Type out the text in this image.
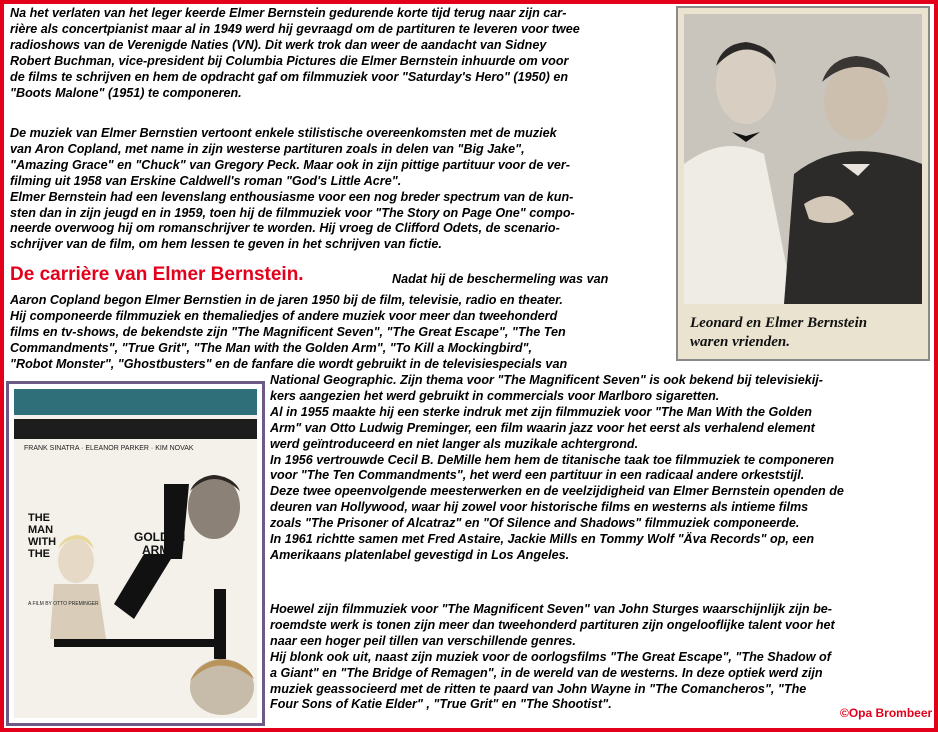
Na het verlaten van het leger keerde Elmer Bernstein gedurende korte tijd terug naar zijn car-
rière als concertpianist maar al in 1949 werd hij gevraagd om de partituren te leveren voor twee
radioshows van de Verenigde Naties (VN). Dit werk trok dan weer de aandacht van Sidney
Robert Buchman, vice-president bij Columbia Pictures die Elmer Bernstein inhuurde om voor
de films te schrijven en hem de opdracht gaf om filmmuziek voor "Saturday's Hero" (1950) en
"Boots Malone" (1951) te componeren.
De muziek van Elmer Bernstien vertoont enkele stilistische overeenkomsten met de muziek
van Aron Copland, met name in zijn westerse partituren zoals in delen van "Big Jake",
"Amazing Grace" en "Chuck" van Gregory Peck. Maar ook in zijn pittige partituur voor de ver-
filming uit 1958 van Erskine Caldwell's roman "God's Little Acre".
Elmer Bernstein had een levenslang enthousiasme voor een nog breder spectrum van de kun-
sten dan in zijn jeugd en in 1959, toen hij de filmmuziek voor "The Story on Page One" compo-
neerde overwoog hij om romanschrijver te worden. Hij vroeg de Clifford Odets, de scenario-
schrijver van de film, om hem lessen te geven in het schrijven van fictie.
De carrière van Elmer Bernstein.	Nadat hij de beschermeling was van
Aaron Copland begon Elmer Bernstien in de jaren 1950 bij de film, televisie, radio en theater.
Hij componeerde filmmuziek en themaliedjes of andere muziek voor meer dan tweehonderd
films en tv-shows, de bekendste zijn "The Magnificent Seven", "The Great Escape", "The Ten
Commandments", "True Grit", "The Man with the Golden Arm", "To Kill a Mockingbird",
"Robot Monster", "Ghostbusters" en de fanfare die wordt gebruikt in de televisiespecials van
National Geographic. Zijn thema voor "The Magnificent Seven" is ook bekend bij televisiekij-
kers aangezien het werd gebruikt in commercials voor Marlboro sigaretten.
Al in 1955 maakte hij een sterke indruk met zijn filmmuziek voor "The Man With the Golden
Arm" van Otto Ludwig Preminger, een film waarin jazz voor het eerst als verhalend element
werd geïntroduceerd en niet langer als muzikale achtergrond.
In 1956 vertrouwde Cecil B. DeMille hem hem de titanische taak toe filmmuziek te componeren
voor "The Ten Commandments", het werd een partituur in een radicaal andere orkeststijl.
Deze twee opeenvolgende meesterwerken en de veelzijdigheid van Elmer Bernstein openden de
deuren van Hollywood, waar hij zowel voor historische films en westerns als intieme films
zoals "The Prisoner of Alcatraz" en "Of Silence and Shadows" filmmuziek componeerde.
In 1961 richtte samen met Fred Astaire, Jackie Mills en Tommy Wolf "Äva Records" op, een
Amerikaans platenlabel gevestigd in Los Angeles.
Hoewel zijn filmmuziek voor "The Magnificent Seven" van John Sturges waarschijnlijk zijn be-
roemdste werk is tonen zijn meer dan tweehonderd partituren zijn ongelooflijke talent voor het
naar een hoger peil tillen van verschillende genres.
Hij blonk ook uit, naast zijn muziek voor de oorlogsfilms "The Great Escape", "The Shadow of
a Giant" en "The Bridge of Remagen", in de wereld van de westerns. In deze optiek werd zijn
muziek geassocieerd met de ritten te paard van John Wayne in "The Comancheros", "The
Four Sons of Katie Elder" , "True Grit" en "The Shootist".
Leonard en Elmer Bernstein
waren vrienden.
FRANK SINATRA · ELEANOR PARKER · KIM NOVAK
THE
MAN
WITH
THE
GOLDEN
ARM
A FILM BY OTTO PREMINGER
©Opa Brombeer
